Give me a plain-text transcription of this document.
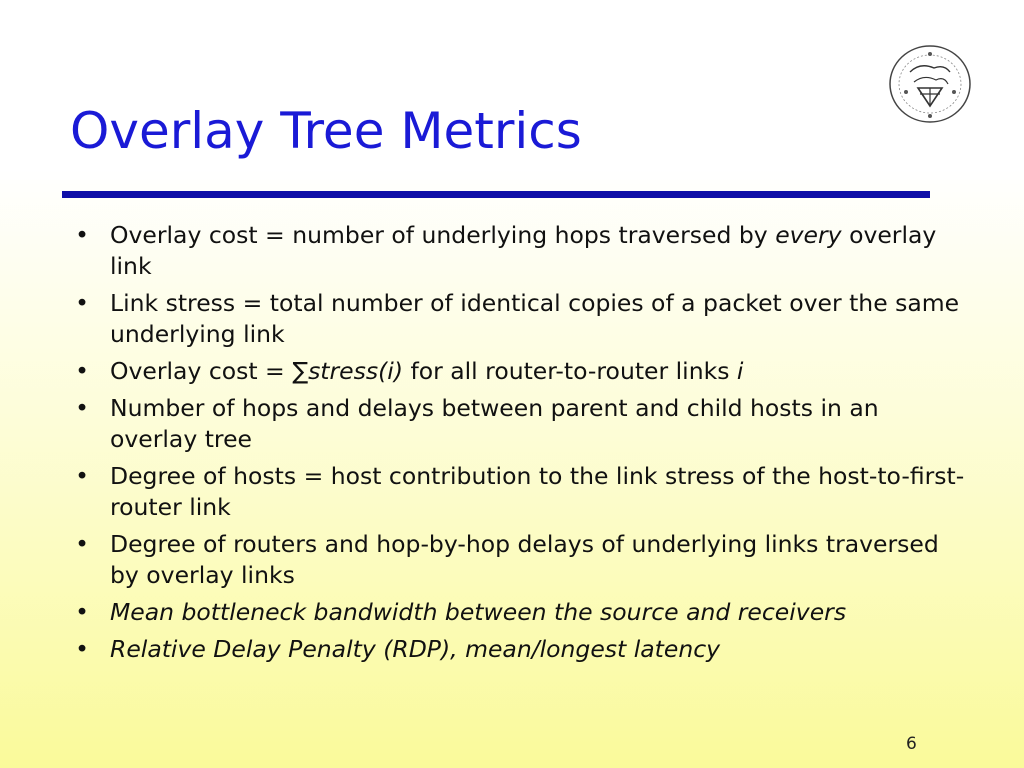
Overlay Tree Metrics
• Overlay cost = number of underlying hops traversed by every overlay link
• Link stress = total number of identical copies of a packet over the same underlying link
• Overlay cost = ∑stress(i) for all router-to-router links i
• Number of hops and delays between parent and child hosts in an overlay tree
• Degree of hosts = host contribution to the link stress of the host-to-first-router link
• Degree of routers and hop-by-hop delays of underlying links traversed by overlay links
• Mean bottleneck bandwidth between the source and receivers
• Relative Delay Penalty (RDP), mean/longest latency
6
